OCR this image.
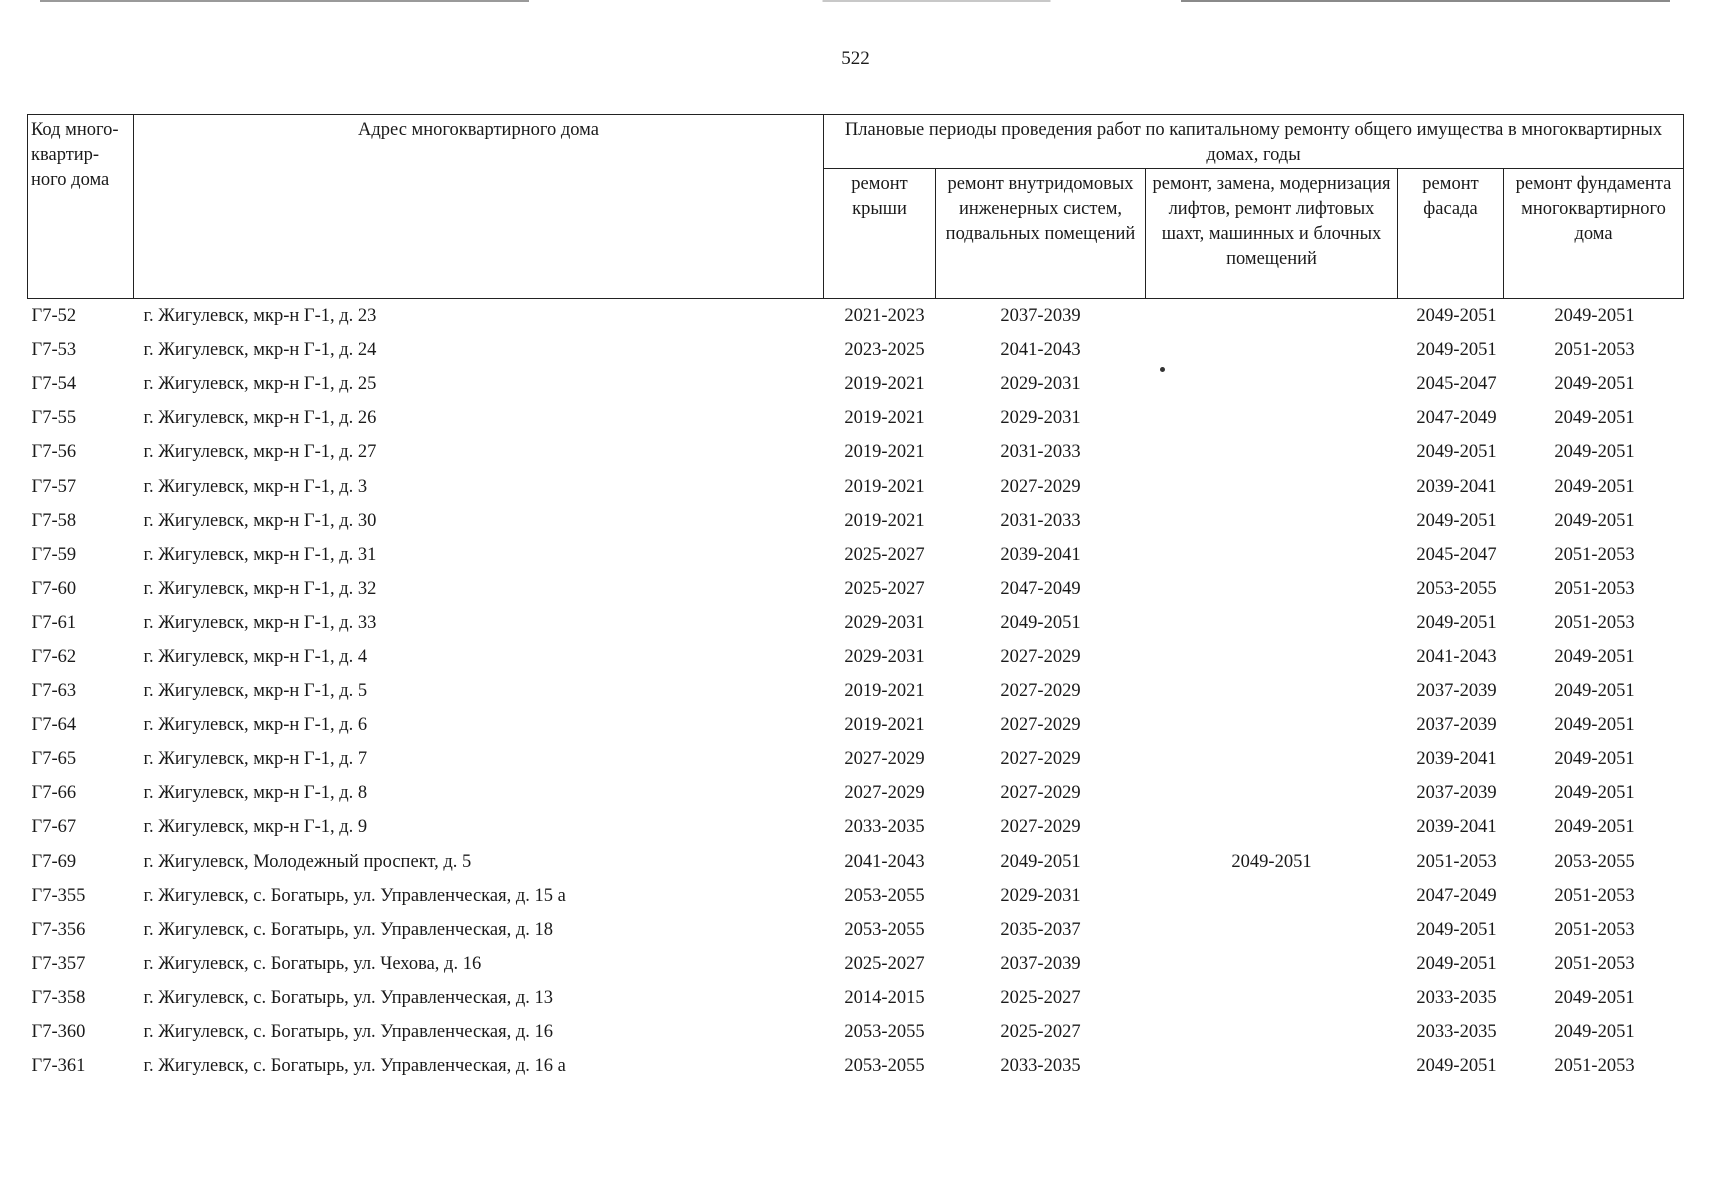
522
Код много-квартир-ного дома	Адрес многоквартирного дома	Плановые периоды проведения работ по капитальному ремонту общего имущества в многоквартирных домах, годы				
		ремонт крыши	ремонт внутридомовых инженерных систем, подвальных помещений	ремонт, замена, модернизация лифтов, ремонт лифтовых шахт, машинных и блочных помещений	ремонт фасада	ремонт фундамента многоквартирного дома
Г7-52	г. Жигулевск, мкр-н Г-1, д. 23	2021-2023	2037-2039		2049-2051	2049-2051
Г7-53	г. Жигулевск, мкр-н Г-1, д. 24	2023-2025	2041-2043		2049-2051	2051-2053
Г7-54	г. Жигулевск, мкр-н Г-1, д. 25	2019-2021	2029-2031		2045-2047	2049-2051
Г7-55	г. Жигулевск, мкр-н Г-1, д. 26	2019-2021	2029-2031		2047-2049	2049-2051
Г7-56	г. Жигулевск, мкр-н Г-1, д. 27	2019-2021	2031-2033		2049-2051	2049-2051
Г7-57	г. Жигулевск, мкр-н Г-1, д. 3	2019-2021	2027-2029		2039-2041	2049-2051
Г7-58	г. Жигулевск, мкр-н Г-1, д. 30	2019-2021	2031-2033		2049-2051	2049-2051
Г7-59	г. Жигулевск, мкр-н Г-1, д. 31	2025-2027	2039-2041		2045-2047	2051-2053
Г7-60	г. Жигулевск, мкр-н Г-1, д. 32	2025-2027	2047-2049		2053-2055	2051-2053
Г7-61	г. Жигулевск, мкр-н Г-1, д. 33	2029-2031	2049-2051		2049-2051	2051-2053
Г7-62	г. Жигулевск, мкр-н Г-1, д. 4	2029-2031	2027-2029		2041-2043	2049-2051
Г7-63	г. Жигулевск, мкр-н Г-1, д. 5	2019-2021	2027-2029		2037-2039	2049-2051
Г7-64	г. Жигулевск, мкр-н Г-1, д. 6	2019-2021	2027-2029		2037-2039	2049-2051
Г7-65	г. Жигулевск, мкр-н Г-1, д. 7	2027-2029	2027-2029		2039-2041	2049-2051
Г7-66	г. Жигулевск, мкр-н Г-1, д. 8	2027-2029	2027-2029		2037-2039	2049-2051
Г7-67	г. Жигулевск, мкр-н Г-1, д. 9	2033-2035	2027-2029		2039-2041	2049-2051
Г7-69	г. Жигулевск, Молодежный проспект, д. 5	2041-2043	2049-2051	2049-2051	2051-2053	2053-2055
Г7-355	г. Жигулевск, с. Богатырь, ул. Управленческая, д. 15 а	2053-2055	2029-2031		2047-2049	2051-2053
Г7-356	г. Жигулевск, с. Богатырь, ул. Управленческая, д. 18	2053-2055	2035-2037		2049-2051	2051-2053
Г7-357	г. Жигулевск, с. Богатырь, ул. Чехова, д. 16	2025-2027	2037-2039		2049-2051	2051-2053
Г7-358	г. Жигулевск, с. Богатырь, ул. Управленческая, д. 13	2014-2015	2025-2027		2033-2035	2049-2051
Г7-360	г. Жигулевск, с. Богатырь, ул. Управленческая, д. 16	2053-2055	2025-2027		2033-2035	2049-2051
Г7-361	г. Жигулевск, с. Богатырь, ул. Управленческая, д. 16 а	2053-2055	2033-2035		2049-2051	2051-2053
